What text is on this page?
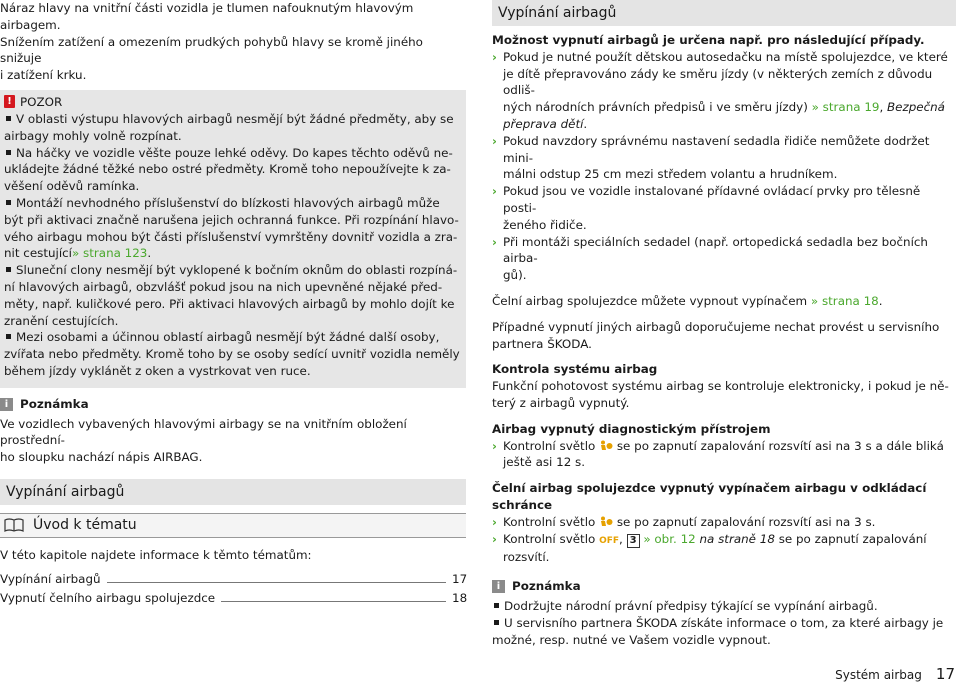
Náraz hlavy na vnitřní části vozidla je tlumen nafouknutým hlavovým airbagem.

Snížením zatížení a omezením prudkých pohybů hlavy se kromě jiného snižuje

i zatížení krku.

! POZOR

V oblasti výstupu hlavových airbagů nesmějí být žádné předměty, aby se

airbagy mohly volně rozpínat.

Na háčky ve vozidle věšte pouze lehké oděvy. Do kapes těchto oděvů ne-

ukládejte žádné těžké nebo ostré předměty. Kromě toho nepoužívejte k za-

věšení oděvů ramínka.

Montáží nevhodného příslušenství do blízkosti hlavových airbagů může

být při aktivaci značně narušena jejich ochranná funkce. Při rozpínání hlavo-

vého airbagu mohou být části příslušenství vymrštěny dovnitř vozidla a zra-

nit cestující» strana 123.

Sluneční clony nesmějí být vyklopené k bočním oknům do oblasti rozpíná-

ní hlavových airbagů, obzvlášť pokud jsou na nich upevněné nějaké před-

měty, např. kuličkové pero. Při aktivaci hlavových airbagů by mohlo dojít ke

zranění cestujících.

Mezi osobami a účinnou oblastí airbagů nesmějí být žádné další osoby,

zvířata nebo předměty. Kromě toho by se osoby sedící uvnitř vozidla neměly

během jízdy vyklánět z oken a vystrkovat ven ruce.

i Poznámka

Ve vozidlech vybavených hlavovými airbagy se na vnitřním obložení prostřední-

ho sloupku nachází nápis AIRBAG.

Vypínání airbagů
Úvod k tématu

V této kapitole najdete informace k těmto tématům:

Vypínání airbagů	17
Vypnutí čelního airbagu spolujezdce	18
Vypínání airbagů

Možnost vypnutí airbagů je určena např. pro následující případy.

› Pokud je nutné použít dětskou autosedačku na místě spolujezdce, ve které

je dítě přepravováno zády ke směru jízdy (v některých zemích z důvodu odliš-

ných národních právních předpisů i ve směru jízdy) » strana 19, Bezpečná

přeprava dětí.

› Pokud navzdory správnému nastavení sedadla řidiče nemůžete dodržet mini-

málni odstup 25 cm mezi středem volantu a hrudníkem.

› Pokud jsou ve vozidle instalované přídavné ovládací prvky pro tělesně posti-

ženého řidiče.

› Při montáži speciálních sedadel (např. ortopedická sedadla bez bočních airba-

gů).

Čelní airbag spolujezdce můžete vypnout vypínačem » strana 18.

Případné vypnutí jiných airbagů doporučujeme nechat provést u servisního

partnera ŠKODA.

Kontrola systému airbag

Funkční pohotovost systému airbag se kontroluje elektronicky, i pokud je ně-

terý z airbagů vypnutý.

Airbag vypnutý diagnostickým přístrojem

› Kontrolní světlo se po zapnutí zapalování rozsvítí asi na 3 s a dále bliká

ještě asi 12 s.

Čelní airbag spolujezdce vypnutý vypínačem airbagu v odkládací schránce

› Kontrolní světlo se po zapnutí zapalování rozsvítí asi na 3 s.

› Kontrolní světlo OFF, 3 » obr. 12 na straně 18 se po zapnutí zapalování

rozsvítí.

i Poznámka

Dodržujte národní právní předpisy týkající se vypínání airbagů.

U servisního partnera ŠKODA získáte informace o tom, za které airbagy je

možné, resp. nutné ve Vašem vozidle vypnout.

Systém airbag 17
